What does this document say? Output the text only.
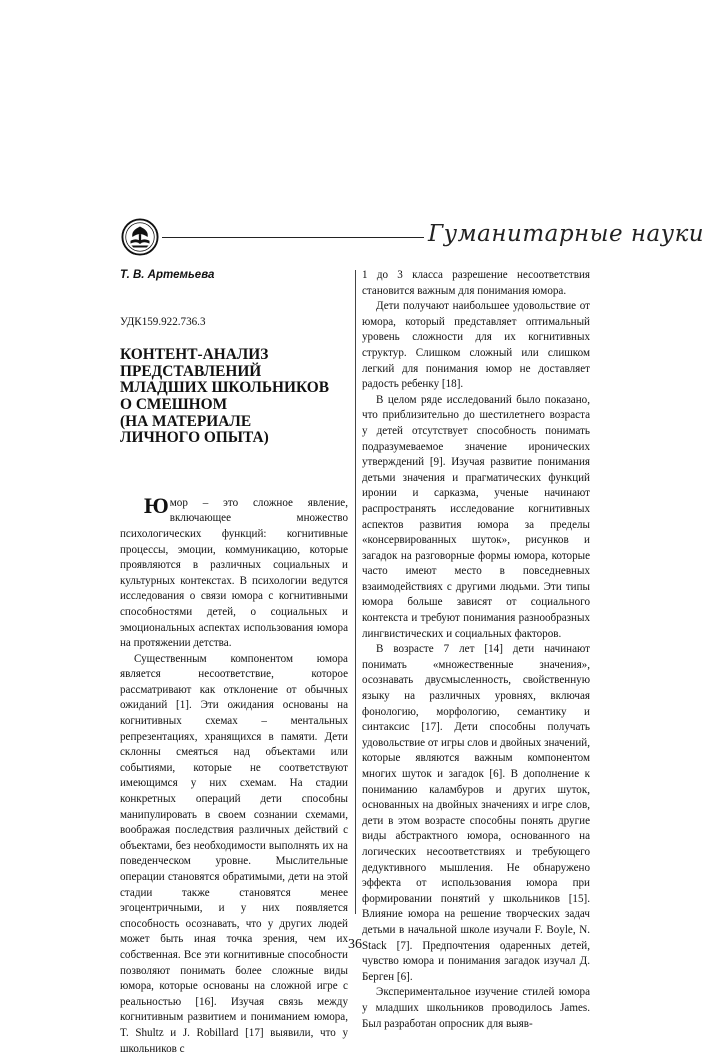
Гуманитарные науки
Т. В. Артемьева
УДК159.922.736.3
КОНТЕНТ-АНАЛИЗ
ПРЕДСТАВЛЕНИЙ
МЛАДШИХ ШКОЛЬНИКОВ
О СМЕШНОМ
(НА МАТЕРИАЛЕ
ЛИЧНОГО ОПЫТА)

Юмор – это сложное явление, включающее множество психологических функций: когнитивные процессы, эмоции, коммуникацию, которые проявляются в различных социальных и культурных контекстах. В психологии ведутся исследования о связи юмора с когнитивными способностями детей, о социальных и эмоциональных аспектах использования юмора на протяжении детства.

Существенным компонентом юмора является несоответствие, которое рассматривают как отклонение от обычных ожиданий [1]. Эти ожидания основаны на когнитивных схемах – ментальных репрезентациях, хранящихся в памяти. Дети склонны смеяться над объектами или событиями, которые не соответствуют имеющимся у них схемам. На стадии конкретных операций дети способны манипулировать в своем сознании схемами, воображая последствия различных действий с объектами, без необходимости выполнять их на поведенческом уровне. Мыслительные операции становятся обратимыми, дети на этой стадии также становятся менее эгоцентричными, и у них появляется способность осознавать, что у других людей может быть иная точка зрения, чем их собственная. Все эти когнитивные способности позволяют понимать более сложные виды юмора, которые основаны на сложной игре с реальностью [16]. Изучая связь между когнитивным развитием и пониманием юмора, T. Shultz и J. Robillard [17] выявили, что у школьников с

1 до 3 класса разрешение несоответствия становится важным для понимания юмора.

Дети получают наибольшее удовольствие от юмора, который представляет оптимальный уровень сложности для их когнитивных структур. Слишком сложный или слишком легкий для понимания юмор не доставляет радость ребенку [18].

В целом ряде исследований было показано, что приблизительно до шестилетнего возраста у детей отсутствует способность понимать подразумеваемое значение иронических утверждений [9]. Изучая развитие понимания детьми значения и прагматических функций иронии и сарказма, ученые начинают распространять исследование когнитивных аспектов развития юмора за пределы «консервированных шуток», рисунков и загадок на разговорные формы юмора, которые часто имеют место в повседневных взаимодействиях с другими людьми. Эти типы юмора больше зависят от социального контекста и требуют понимания разнообразных лингвистических и социальных факторов.

В возрасте 7 лет [14] дети начинают понимать «множественные значения», осознавать двусмысленность, свойственную языку на различных уровнях, включая фонологию, морфологию, семантику и синтаксис [17]. Дети способны получать удовольствие от игры слов и двойных значений, которые являются важным компонентом многих шуток и загадок [6]. В дополнение к пониманию каламбуров и других шуток, основанных на двойных значениях и игре слов, дети в этом возрасте способны понять другие виды абстрактного юмора, основанного на логических несоответствиях и требующего дедуктивного мышления. Не обнаружено эффекта от использования юмора при формировании понятий у школьников [15]. Влияние юмора на решение творческих задач детьми в начальной школе изучали F. Boyle, N. Stack [7]. Предпочтения одаренных детей, чувство юмора и понимания загадок изучал Д. Берген [6].

Экспериментальное изучение стилей юмора у младших школьников проводилось James. Был разработан опросник для выяв-

36
